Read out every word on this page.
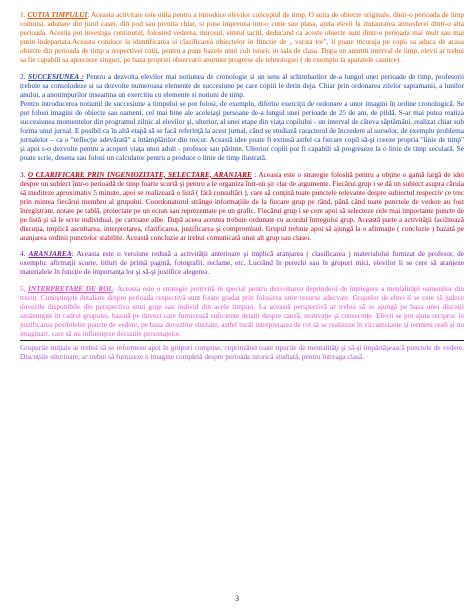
1. CUTIA TIMPULUI: Aceasta activitate este utila pentru a introduce elevilor conceptul de timp. O suita de obiecte originale, dintr-o perioada de timp comuna, adunate din jurul casei, din pod sau pivnita chiar, si puse impreuna intr-o cutie sau plasa, ajuta elevii la instaurarea atmosferei dintr-o alta perioada. Acestia pot investiga continutul, folosind vederea, mirosul, simtul tactil, deducand ca aceste obiecte sunt dintr-o perioada mai mult sau mai putin indepartata.Aceasta conduce la identificarea si clasificarea obiectelor in functie de „ varsta lor”, ii poate incuraja pe copii sa aduca de acasa obiecte din perioada de timp a respectivei cutii, pentru a pune bazele unui colt istoric in sala de clasa. Dupa un anumit interval de timp, elevii ar trebui sa fie capabili sa aprecieze singuri, pe baza propriei observatii anumite progrese ale tehnologiei ( de exemplu la aparatele casnice) .

2. SUCCESIUNEA : Pentru a dezvolta elevilor mai notiunea de cronologie si un sens al schimbarilor de-a lungul unei perioade de timp, profesorii trebuie sa consolodeze si sa dezvolte numeroasa elemente de succesiune pe care copiii le detin deja. Chiar prin ordonarea zilelor saptamanii, a lunilor anului, a anotimpurilor inseamna un exercitiu cu elemente si notiuni de timp.

Pentru introducerea notiunii de succesiune a timpului se pot folosi, de exemplu, diferite exerciţii de ordonare a unor imagini în ordine cronologică. Se pot folosi imagini de obiecte sau oameni, cel mai bine ale aceleiaşi persoane de-a lungul unei perioade de 25 de ani, de pildă. S-ar mai putea realiza succesiunea momentelor din programul zilnic al elevilor şi, ulterior, al unei etape din viaţa copilului - un interval de câteva săptămâni, realizat chiar sub forma unui jurnal. E posibil ca în altă etapă să se facă referinţă la acest jurnal, când se studiază caracterul de încredere al surselor, de exemplu problema jurnalelor – ca o "reflecţie adevărată" a întâmplărilor din trecut. Această idee poate fi extinsă astfel ca fiecare copil să-şi creeze propria "linie de timp" şi apoi s-o dezvolte pentru a acoperi viaţa unui adult - profesor sau părinte. Ulterior copiii pot fi capabili să progreseze la o linie de timp seculară. Se poate scrie, desena sau folosi un calculator pentru a produce o linie de timp ilustrată.

3. O CLARIFICARE PRIN INGENIOZITATE, SELECTARE, ARANJARE : Aceasta este o strategie folosită pentru a obţine o gamă largă de idei despre un subiect într-o perioadă de timp foarte scurtă şi pentru a le organiza într-un şir clar de argumente. Fiecărui grup i se dă un subiect asupra căruia să mediteze aproximativ 5 minute, apoi se realizează o listă ( fără consultări ), care să conţină toate punctele relevante despre subiectul respectiv ce trec prin mintea fiecărui membru al grupului. Coordonatorul strânge informaţiile de la fiecare grup pe rând, până când toate punctele de vedere au fost înregistrate, notate pe tablă, proiectate pe un ecran sau reprezentate pe un grafic. Fiecărui grup i se cere apoi să selecteze cele mai importante puncte de pe listă şi să le scrie individual, pe cartoane albe. După aceea acestea trebuie ordonate cu acordul întregului grup. Această parte a activităţii facilitează discuţia, implică ascultarea, interpretarea, clarificarea, justificarea şi compromisul. Grupul trebuie apoi să ajungă la o afirmaţie ( concluzie ) bazată pe aranjarea ordinii punctelor stabilite. Această concluzie ar trebui comunicată unui alt grup sau clasei.

4. ARANJAREA: Aceasta este o versiune redusă a activităţii anterioare şi implică aranjarea ( clasificarea ) materialului furnizat de profesor, de exemplu: afirmaţii scurte, titluri de primă pagină, fotografii, reclame, etc. Lucrând în perechi sau în grupuri mici, elevilor li se cere să aranjeze materialele în funcţie de importanţa lor şi să-şi justifice alegerea.

5. INTERPRETARE DE ROL: Aceasta este o strategie potrivită în special pentru dezvoltarea deprinderii de înţelegere a mentalităţii oamenilor din trecut. Cunoştinţele detaliate despre perioada respectivă sunt fixate gradat prin folosirea unor resurse adecvate. Grupelor de elevi li se cere să judece dovezile disponibile din perspectiva unui grup sau individ din acele timpuri. La această perspectivă ar trebui să se ajungă pe baza unei discuţii amănunţite în cadrul grupului, bazată pe dovezi care furnizează suficiente detalii despre cauză, motivaţie şi consecinţe. Elevii se pot ajuta reciproc în justificarea posibilelor puncte de vedere, pe baza dovezilor studiate, astfel încât interpretarea de rol să se realizeze în circumstanţe şi termeni reali şi nu imaginari, care să nu influenţeze deciziile personajelor.

Grupurile iniţiale ar trebui să se reformeze apoi în grupuri compuse, cuprinzând toate tipurile de mentalităţi şi să-şi împărtăşească punctele de vedere. Discuţiile ulterioare, ar trebui să furnizeze o imagine completă despre perioada istorică studiată, pentru întreaga clasă.

3
